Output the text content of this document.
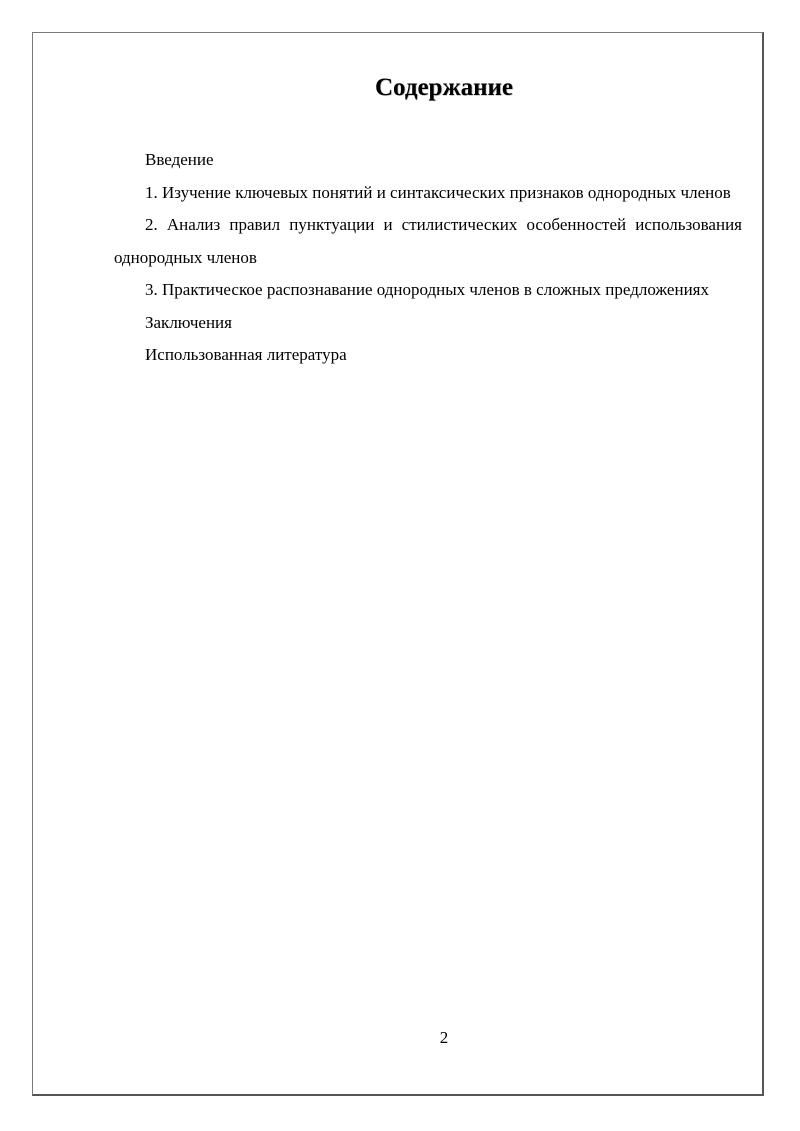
Содержание

Введение

1. Изучение ключевых понятий и синтаксических признаков однородных членов

2. Анализ правил пунктуации и стилистических особенностей использования однородных членов

3. Практическое распознавание однородных членов в сложных предложениях

Заключения

Использованная литература

2
